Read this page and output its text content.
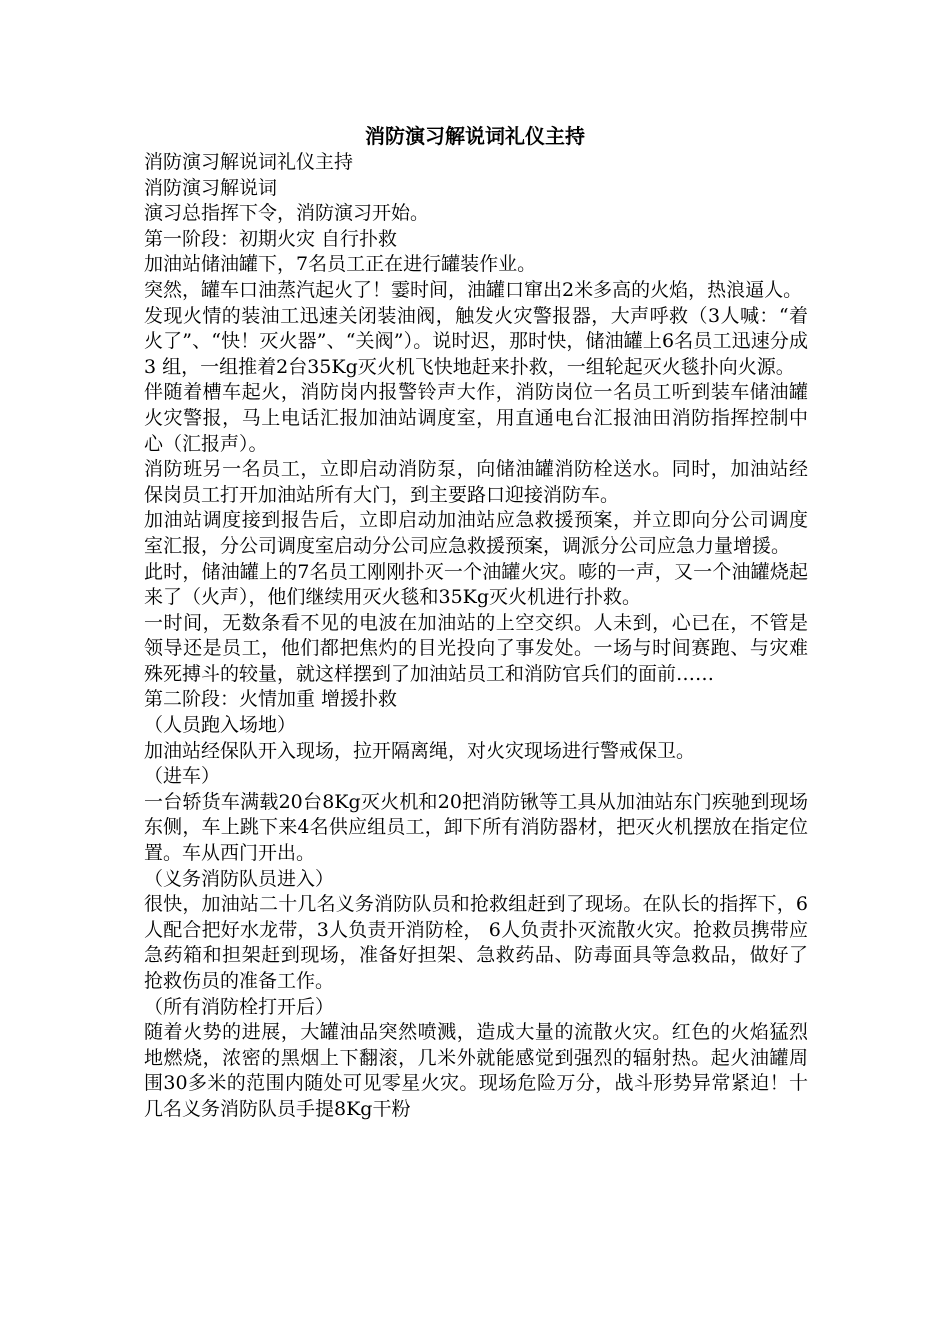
消防演习解说词礼仪主持

消防演习解说词礼仪主持

消防演习解说词

演习总指挥下令，消防演习开始。

第一阶段：初期火灾 自行扑救

加油站储油罐下，7名员工正在进行罐装作业。

突然，罐车口油蒸汽起火了！霎时间，油罐口窜出2米多高的火焰，热浪逼人。

发现火情的装油工迅速关闭装油阀，触发火灾警报器，大声呼救（3人喊：“着火了”、“快！灭火器”、“关阀”）。说时迟，那时快，储油罐上6名员工迅速分成3 组，一组推着2台35Kg灭火机飞快地赶来扑救，一组轮起灭火毯扑向火源。

伴随着槽车起火，消防岗内报警铃声大作，消防岗位一名员工听到装车储油罐火灾警报，马上电话汇报加油站调度室，用直通电台汇报油田消防指挥控制中心（汇报声）。

消防班另一名员工，立即启动消防泵，向储油罐消防栓送水。同时，加油站经保岗员工打开加油站所有大门，到主要路口迎接消防车。

加油站调度接到报告后，立即启动加油站应急救援预案，并立即向分公司调度室汇报，分公司调度室启动分公司应急救援预案，调派分公司应急力量增援。

此时，储油罐上的7名员工刚刚扑灭一个油罐火灾。嘭的一声，又一个油罐烧起来了（火声），他们继续用灭火毯和35Kg灭火机进行扑救。

一时间，无数条看不见的电波在加油站的上空交织。人未到，心已在，不管是领导还是员工，他们都把焦灼的目光投向了事发处。一场与时间赛跑、与灾难殊死搏斗的较量，就这样摆到了加油站员工和消防官兵们的面前……

第二阶段：火情加重 增援扑救

（人员跑入场地）

加油站经保队开入现场，拉开隔离绳，对火灾现场进行警戒保卫。

（进车）

一台轿货车满载20台8Kg灭火机和20把消防锹等工具从加油站东门疾驰到现场东侧，车上跳下来4名供应组员工，卸下所有消防器材，把灭火机摆放在指定位置。车从西门开出。

（义务消防队员进入）

很快，加油站二十几名义务消防队员和抢救组赶到了现场。在队长的指挥下，6人配合把好水龙带，3人负责开消防栓， 6人负责扑灭流散火灾。抢救员携带应急药箱和担架赶到现场，准备好担架、急救药品、防毒面具等急救品，做好了抢救伤员的准备工作。

（所有消防栓打开后）

随着火势的进展，大罐油品突然喷溅，造成大量的流散火灾。红色的火焰猛烈地燃烧，浓密的黑烟上下翻滚，几米外就能感觉到强烈的辐射热。起火油罐周围30多米的范围内随处可见零星火灾。现场危险万分，战斗形势异常紧迫！十几名义务消防队员手提8Kg干粉
